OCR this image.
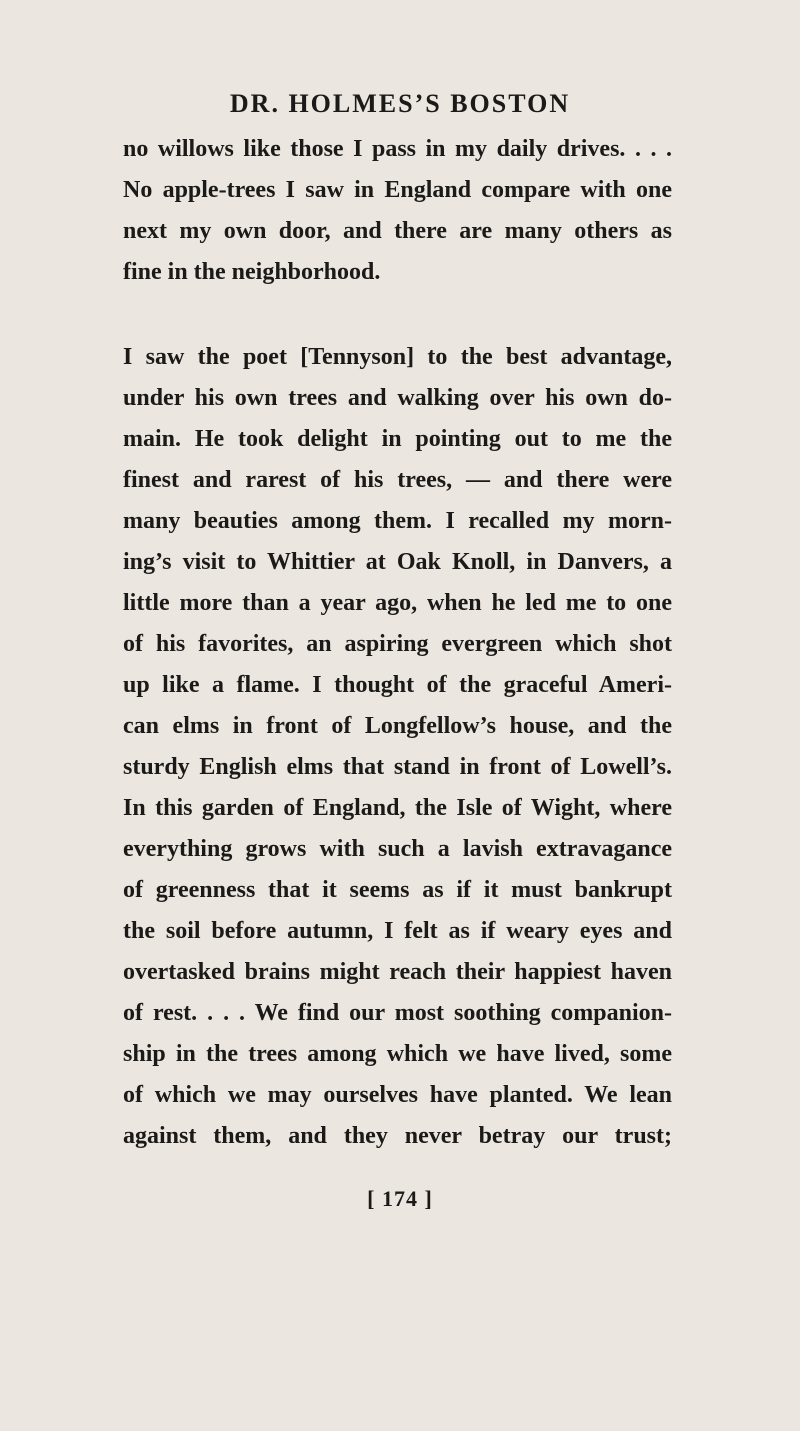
DR. HOLMES’S BOSTON
no willows like those I pass in my daily drives. . . .
No apple-trees I saw in England compare with one
next my own door, and there are many others as
fine in the neighborhood.
I saw the poet [Tennyson] to the best advantage,
under his own trees and walking over his own do-
main. He took delight in pointing out to me the
finest and rarest of his trees, — and there were
many beauties among them. I recalled my morn-
ing’s visit to Whittier at Oak Knoll, in Danvers, a
little more than a year ago, when he led me to one
of his favorites, an aspiring evergreen which shot
up like a flame. I thought of the graceful Ameri-
can elms in front of Longfellow’s house, and the
sturdy English elms that stand in front of Lowell’s.
In this garden of England, the Isle of Wight, where
everything grows with such a lavish extravagance
of greenness that it seems as if it must bankrupt
the soil before autumn, I felt as if weary eyes and
overtasked brains might reach their happiest haven
of rest. . . . We find our most soothing companion-
ship in the trees among which we have lived, some
of which we may ourselves have planted. We lean
against them, and they never betray our trust;
[ 174 ]
